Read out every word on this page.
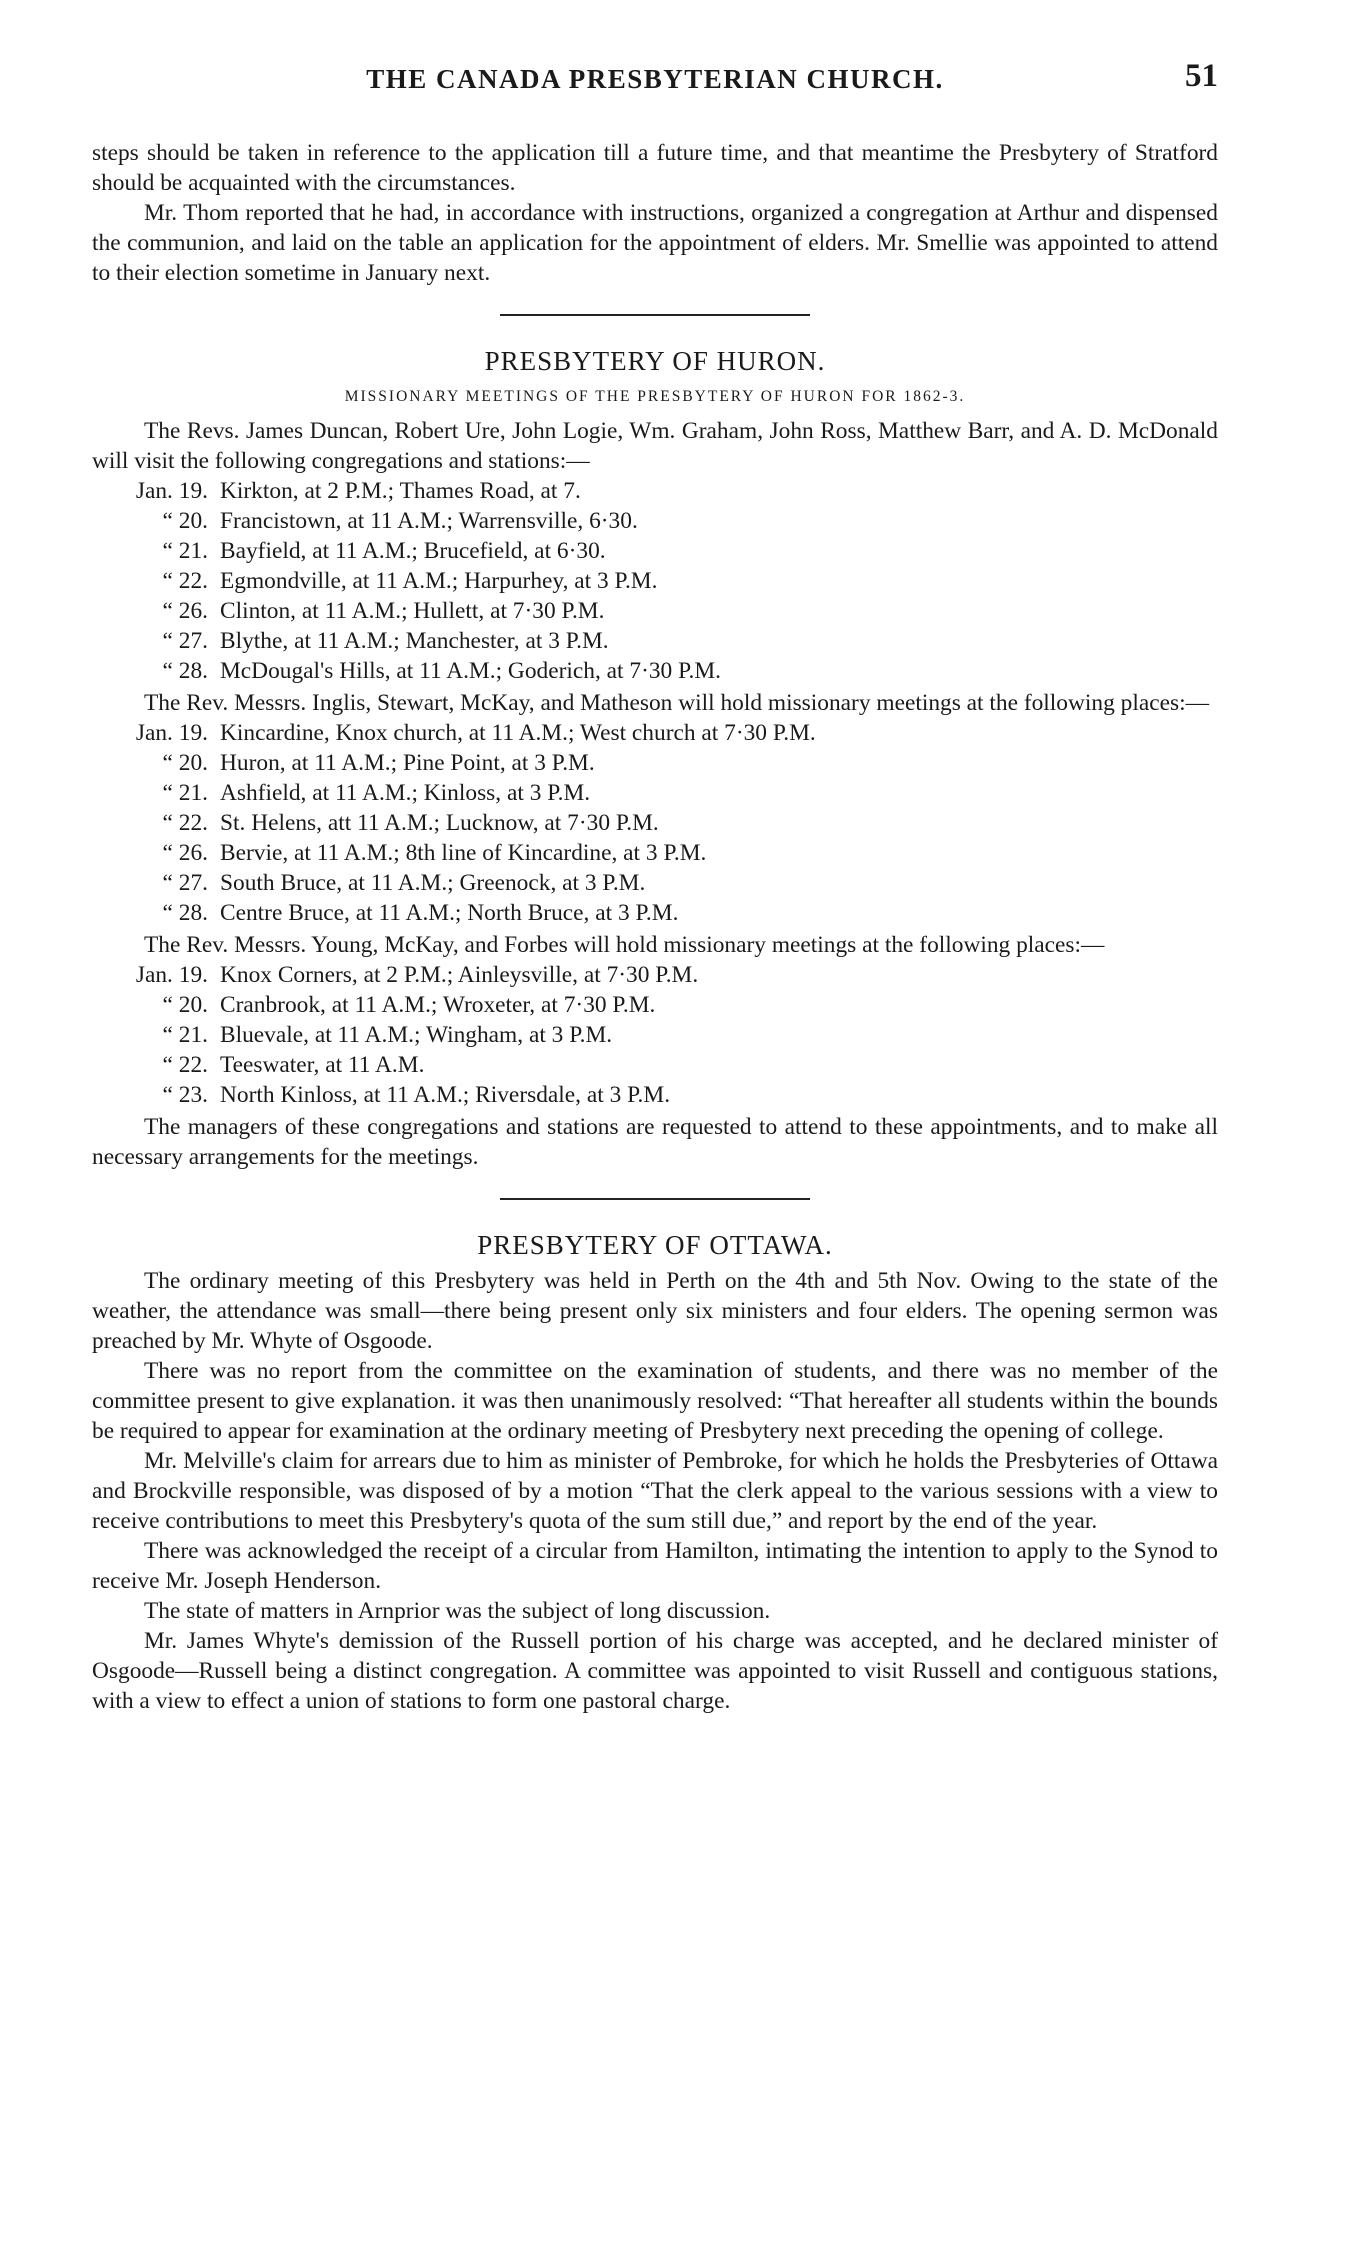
THE CANADA PRESBYTERIAN CHURCH.	51

steps should be taken in reference to the application till a future time, and that meantime the Presbytery of Stratford should be acquainted with the circumstances.

Mr. Thom reported that he had, in accordance with instructions, organized a congregation at Arthur and dispensed the communion, and laid on the table an application for the appointment of elders. Mr. Smellie was appointed to attend to their election sometime in January next.

PRESBYTERY OF HURON.
MISSIONARY MEETINGS OF THE PRESBYTERY OF HURON FOR 1862-3.

The Revs. James Duncan, Robert Ure, John Logie, Wm. Graham, John Ross, Matthew Barr, and A. D. McDonald will visit the following congregations and stations:—

Jan. 19. Kirkton, at 2 P.M.; Thames Road, at 7.
“ 20. Francistown, at 11 A.M.; Warrensville, 6·30.
“ 21. Bayfield, at 11 A.M.; Brucefield, at 6·30.
“ 22. Egmondville, at 11 A.M.; Harpurhey, at 3 P.M.
“ 26. Clinton, at 11 A.M.; Hullett, at 7·30 P.M.
“ 27. Blythe, at 11 A.M.; Manchester, at 3 P.M.
“ 28. McDougal's Hills, at 11 A.M.; Goderich, at 7·30 P.M.

The Rev. Messrs. Inglis, Stewart, McKay, and Matheson will hold missionary meetings at the following places:—

Jan. 19. Kincardine, Knox church, at 11 A.M.; West church at 7·30 P.M.
“ 20. Huron, at 11 A.M.; Pine Point, at 3 P.M.
“ 21. Ashfield, at 11 A.M.; Kinloss, at 3 P.M.
“ 22. St. Helens, att 11 A.M.; Lucknow, at 7·30 P.M.
“ 26. Bervie, at 11 A.M.; 8th line of Kincardine, at 3 P.M.
“ 27. South Bruce, at 11 A.M.; Greenock, at 3 P.M.
“ 28. Centre Bruce, at 11 A.M.; North Bruce, at 3 P.M.

The Rev. Messrs. Young, McKay, and Forbes will hold missionary meetings at the following places:—

Jan. 19. Knox Corners, at 2 P.M.; Ainleysville, at 7·30 P.M.
“ 20. Cranbrook, at 11 A.M.; Wroxeter, at 7·30 P.M.
“ 21. Bluevale, at 11 A.M.; Wingham, at 3 P.M.
“ 22. Teeswater, at 11 A.M.
“ 23. North Kinloss, at 11 A.M.; Riversdale, at 3 P.M.

The managers of these congregations and stations are requested to attend to these appointments, and to make all necessary arrangements for the meetings.

PRESBYTERY OF OTTAWA.

The ordinary meeting of this Presbytery was held in Perth on the 4th and 5th Nov. Owing to the state of the weather, the attendance was small—there being present only six ministers and four elders. The opening sermon was preached by Mr. Whyte of Osgoode.

There was no report from the committee on the examination of students, and there was no member of the committee present to give explanation. it was then unanimously resolved: “That hereafter all students within the bounds be required to appear for examination at the ordinary meeting of Presbytery next preceding the opening of college.

Mr. Melville's claim for arrears due to him as minister of Pembroke, for which he holds the Presbyteries of Ottawa and Brockville responsible, was disposed of by a motion “That the clerk appeal to the various sessions with a view to receive contributions to meet this Presbytery's quota of the sum still due,” and report by the end of the year.

There was acknowledged the receipt of a circular from Hamilton, intimating the intention to apply to the Synod to receive Mr. Joseph Henderson.

The state of matters in Arnprior was the subject of long discussion.

Mr. James Whyte's demission of the Russell portion of his charge was accepted, and he declared minister of Osgoode—Russell being a distinct congregation. A committee was appointed to visit Russell and contiguous stations, with a view to effect a union of stations to form one pastoral charge.
